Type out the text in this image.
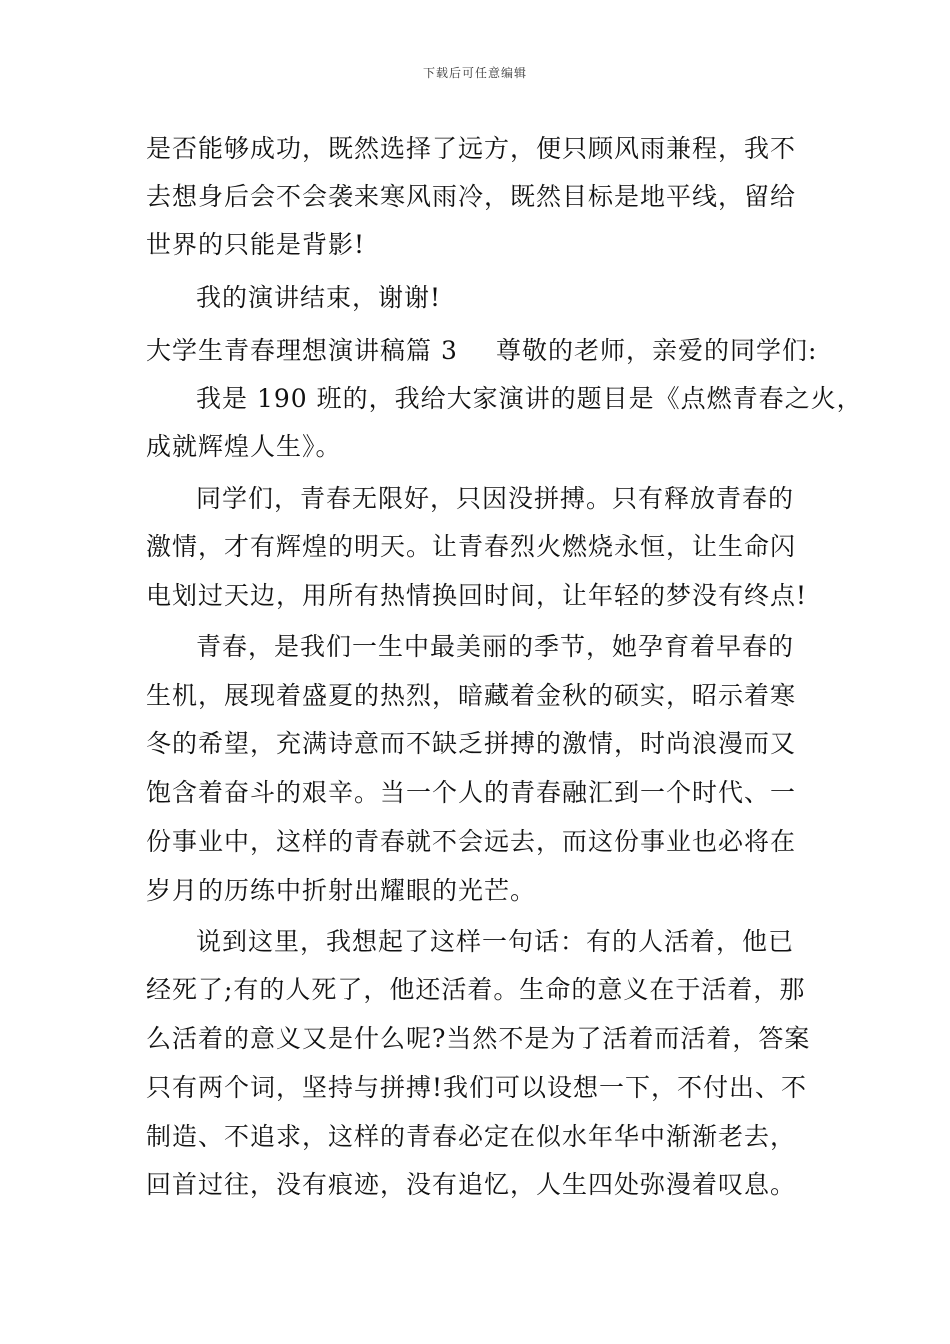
下载后可任意编辑
是否能够成功，既然选择了远方，便只顾风雨兼程，我不
去想身后会不会袭来寒风雨冷，既然目标是地平线，留给
世界的只能是背影!
我的演讲结束，谢谢!
大学生青春理想演讲稿篇 3 尊敬的老师，亲爱的同学们:
我是 190 班的，我给大家演讲的题目是《点燃青春之火，
成就辉煌人生》。
同学们，青春无限好，只因没拼搏。只有释放青春的
激情，才有辉煌的明天。让青春烈火燃烧永恒，让生命闪
电划过天边，用所有热情换回时间，让年轻的梦没有终点!
青春，是我们一生中最美丽的季节，她孕育着早春的
生机，展现着盛夏的热烈，暗藏着金秋的硕实，昭示着寒
冬的希望，充满诗意而不缺乏拼搏的激情，时尚浪漫而又
饱含着奋斗的艰辛。当一个人的青春融汇到一个时代、一
份事业中，这样的青春就不会远去，而这份事业也必将在
岁月的历练中折射出耀眼的光芒。
说到这里，我想起了这样一句话：有的人活着，他已
经死了;有的人死了，他还活着。生命的意义在于活着，那
么活着的意义又是什么呢?当然不是为了活着而活着，答案
只有两个词，坚持与拼搏!我们可以设想一下，不付出、不
制造、不追求，这样的青春必定在似水年华中渐渐老去，
回首过往，没有痕迹，没有追忆，人生四处弥漫着叹息。
